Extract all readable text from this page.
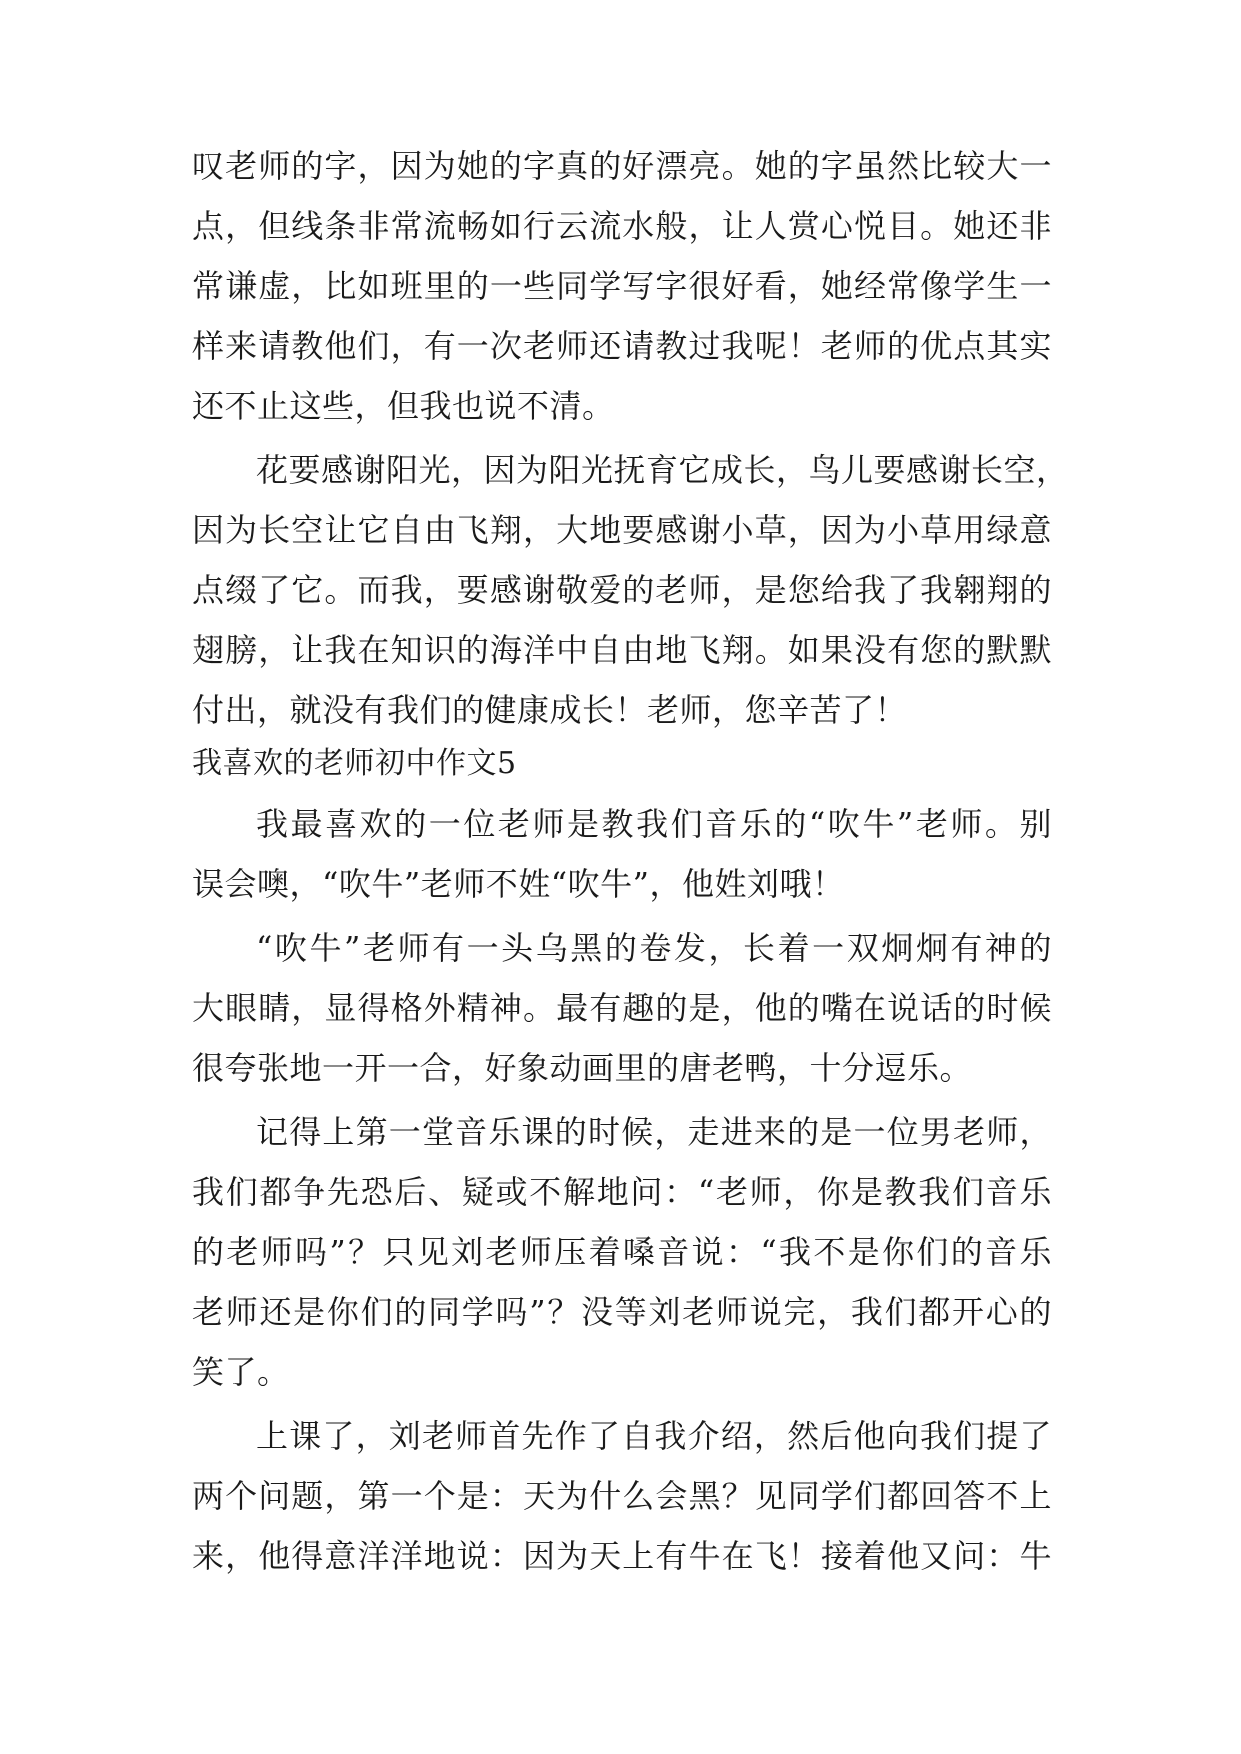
叹老师的字，因为她的字真的好漂亮。她的字虽然比较大一
点，但线条非常流畅如行云流水般，让人赏心悦目。她还非
常谦虚，比如班里的一些同学写字很好看，她经常像学生一
样来请教他们，有一次老师还请教过我呢！老师的优点其实
还不止这些，但我也说不清。
花要感谢阳光，因为阳光抚育它成长，鸟儿要感谢长空，
因为长空让它自由飞翔，大地要感谢小草，因为小草用绿意
点缀了它。而我，要感谢敬爱的老师，是您给我了我翱翔的
翅膀，让我在知识的海洋中自由地飞翔。如果没有您的默默
付出，就没有我们的健康成长！老师，您辛苦了！
我喜欢的老师初中作文5
我最喜欢的一位老师是教我们音乐的“吹牛”老师。别
误会噢，“吹牛”老师不姓“吹牛”，他姓刘哦！
“吹牛”老师有一头乌黑的卷发，长着一双炯炯有神的
大眼睛，显得格外精神。最有趣的是，他的嘴在说话的时候
很夸张地一开一合，好象动画里的唐老鸭，十分逗乐。
记得上第一堂音乐课的时候，走进来的是一位男老师，
我们都争先恐后、疑或不解地问：“老师，你是教我们音乐
的老师吗”？只见刘老师压着嗓音说：“我不是你们的音乐
老师还是你们的同学吗”？没等刘老师说完，我们都开心的
笑了。
上课了，刘老师首先作了自我介绍，然后他向我们提了
两个问题，第一个是：天为什么会黑？见同学们都回答不上
来，他得意洋洋地说：因为天上有牛在飞！接着他又问：牛
